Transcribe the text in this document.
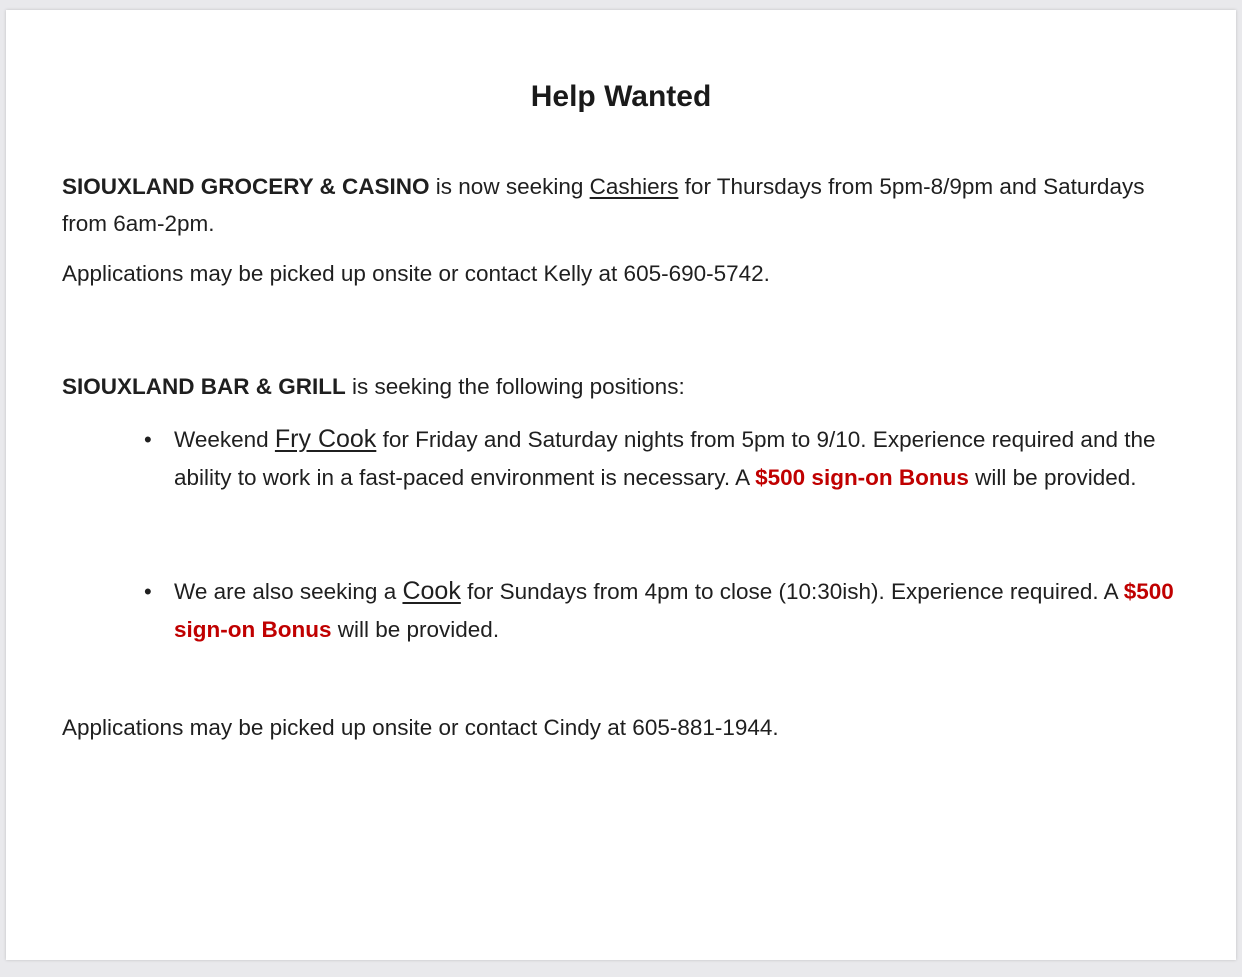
Help Wanted

SIOUXLAND GROCERY & CASINO is now seeking Cashiers for Thursdays from 5pm-8/9pm and Saturdays from 6am-2pm.

Applications may be picked up onsite or contact Kelly at 605-690-5742.

SIOUXLAND BAR & GRILL is seeking the following positions:

• Weekend Fry Cook for Friday and Saturday nights from 5pm to 9/10. Experience required and the ability to work in a fast-paced environment is necessary. A $500 sign-on Bonus will be provided.
• We are also seeking a Cook for Sundays from 4pm to close (10:30ish). Experience required. A $500 sign-on Bonus will be provided.

Applications may be picked up onsite or contact Cindy at 605-881-1944.
